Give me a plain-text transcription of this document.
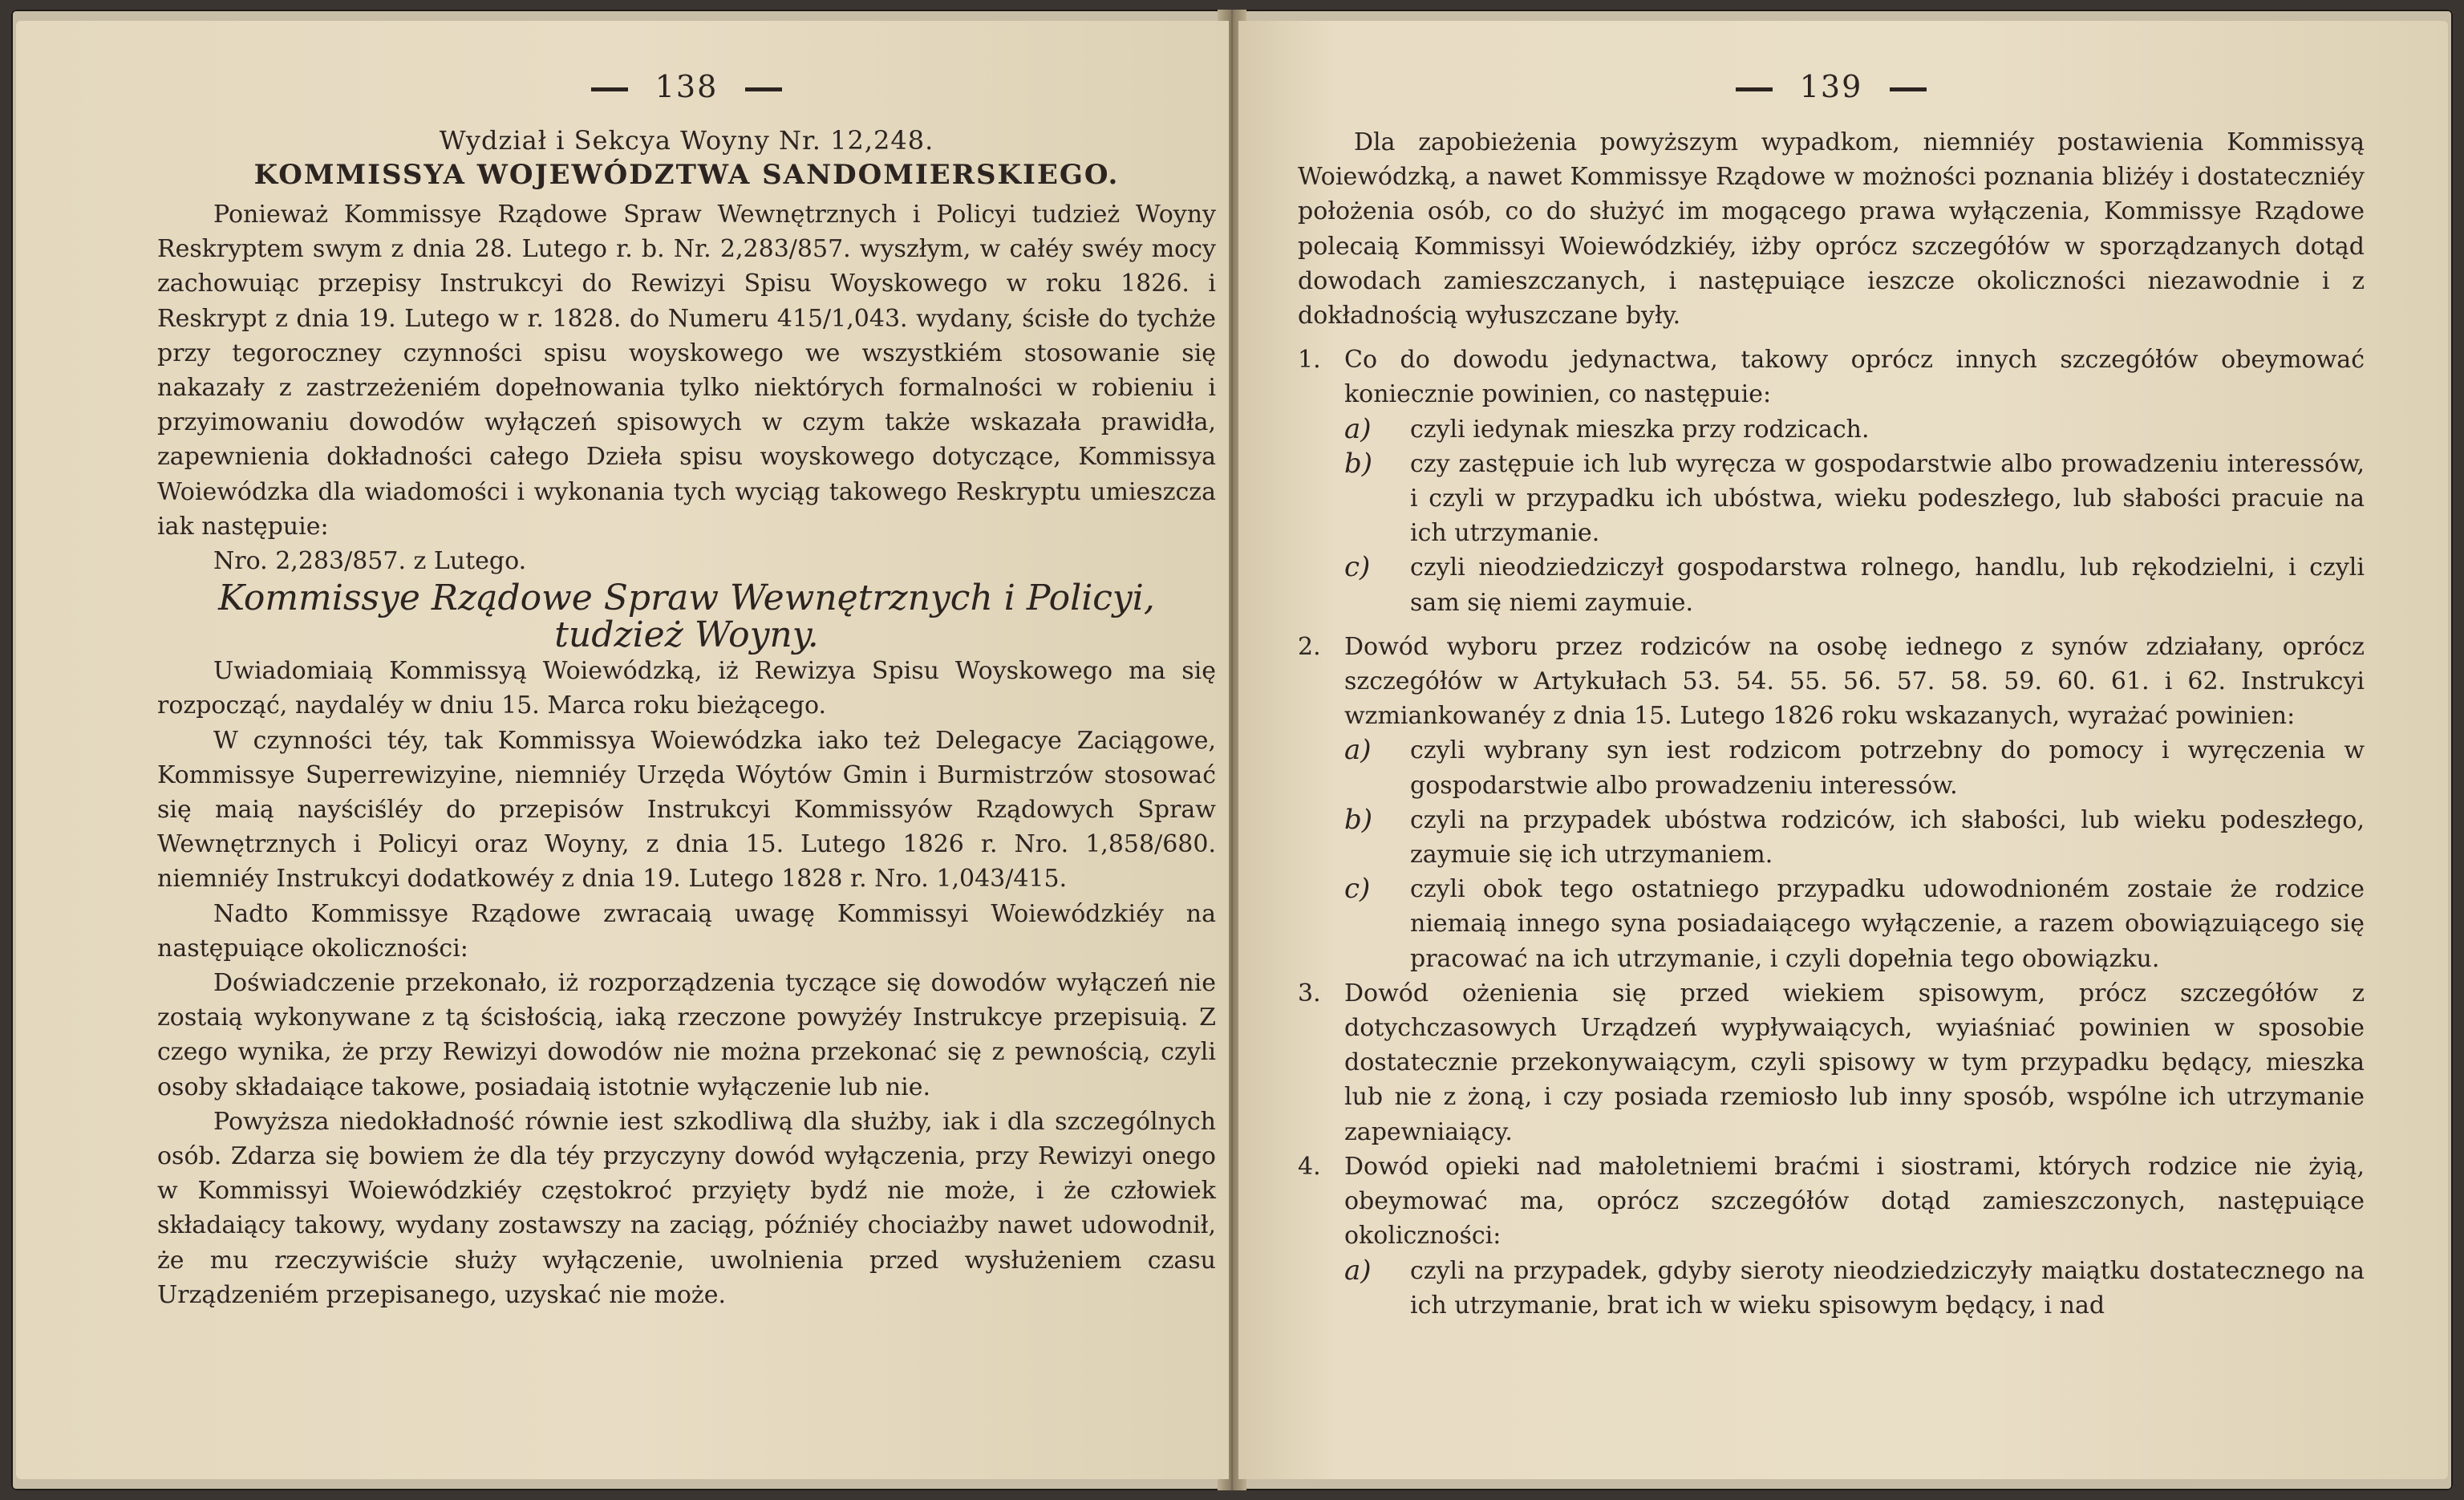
138
Wydział i Sekcya Woyny Nr. 12,248.
KOMMISSYA WOJEWÓDZTWA SANDOMIERSKIEGO.

Ponieważ Kommissye Rządowe Spraw Wewnętrznych i Policyi tudzież Woyny Reskryptem swym z dnia 28. Lutego r. b. Nr. 2,283/857. wyszłym, w całéy swéy mocy zachowuiąc przepisy Instrukcyi do Rewizyi Spisu Woyskowego w roku 1826. i Reskrypt z dnia 19. Lutego w r. 1828. do Numeru 415/1,043. wydany, ścisłe do tychże przy tegoroczney czynności spisu woyskowego we wszystkiém stosowanie się nakazały z zastrzeżeniém dopełnowania tylko niektórych formalności w robieniu i przyimowaniu dowodów wyłączeń spisowych w czym także wskazała prawidła, zapewnienia dokładności całego Dzieła spisu woyskowego dotyczące, Kommissya Woiewódzka dla wiadomości i wykonania tych wyciąg takowego Reskryptu umieszcza iak następuie:

Nro. 2,283/857. z Lutego.

Kommissye Rządowe Spraw Wewnętrznych i Policyi, tudzież Woyny.

Uwiadomiaią Kommissyą Woiewódzką, iż Rewizya Spisu Woyskowego ma się rozpocząć, naydaléy w dniu 15. Marca roku bieżącego.

W czynności téy, tak Kommissya Woiewódzka iako też Delegacye Zaciągowe, Kommissye Superrewizyine, niemniéy Urzęda Wóytów Gmin i Burmistrzów stosować się maią nayściśléy do przepisów Instrukcyi Kommissyów Rządowych Spraw Wewnętrznych i Policyi oraz Woyny, z dnia 15. Lutego 1826 r. Nro. 1,858/680. niemniéy Instrukcyi dodatkowéy z dnia 19. Lutego 1828 r. Nro. 1,043/415.

Nadto Kommissye Rządowe zwracaią uwagę Kommissyi Woiewódzkiéy na następuiące okoliczności:

Doświadczenie przekonało, iż rozporządzenia tyczące się dowodów wyłączeń nie zostaią wykonywane z tą ścisłością, iaką rzeczone powyżéy Instrukcye przepisuią. Z czego wynika, że przy Rewizyi dowodów nie można przekonać się z pewnością, czyli osoby składaiące takowe, posiadaią istotnie wyłączenie lub nie.

Powyższa niedokładność równie iest szkodliwą dla służby, iak i dla szczególnych osób. Zdarza się bowiem że dla téy przyczyny dowód wyłączenia, przy Rewizyi onego w Kommissyi Woiewódzkiéy częstokroć przyięty bydź nie może, i że człowiek składaiący takowy, wydany zostawszy na zaciąg, późniéy chociażby nawet udowodnił, że mu rzeczywiście służy wyłączenie, uwolnienia przed wysłużeniem czasu Urządzeniém przepisanego, uzyskać nie może.

139

Dla zapobieżenia powyższym wypadkom, niemniéy postawienia Kommissyą Woiewódzką, a nawet Kommissye Rządowe w możności poznania bliżéy i dostateczniéy położenia osób, co do służyć im mogącego prawa wyłączenia, Kommissye Rządowe polecaią Kommissyi Woiewódzkiéy, iżby oprócz szczegółów w sporządzanych dotąd dowodach zamieszczanych, i następuiące ieszcze okoliczności niezawodnie i z dokładnością wyłuszczane były.

1. Co do dowodu jedynactwa, takowy oprócz innych szczegółów obeymować koniecznie powinien, co następuie:
a)	czyli iedynak mieszka przy rodzicach.
b)	czy zastępuie ich lub wyręcza w gospodarstwie albo prowadzeniu interessów, i czyli w przypadku ich ubóstwa, wieku podeszłego, lub słabości pracuie na ich utrzymanie.
c)	czyli nieodziedziczył gospodarstwa rolnego, handlu, lub rękodzielni, i czyli sam się niemi zaymuie.
2. Dowód wyboru przez rodziców na osobę iednego z synów zdziałany, oprócz szczegółów w Artykułach 53. 54. 55. 56. 57. 58. 59. 60. 61. i 62. Instrukcyi wzmiankowanéy z dnia 15. Lutego 1826 roku wskazanych, wyrażać powinien:
a)	czyli wybrany syn iest rodzicom potrzebny do pomocy i wyręczenia w gospodarstwie albo prowadzeniu interessów.
b)	czyli na przypadek ubóstwa rodziców, ich słabości, lub wieku podeszłego, zaymuie się ich utrzymaniem.
c)	czyli obok tego ostatniego przypadku udowodnioném zostaie że rodzice niemaią innego syna posiadaiącego wyłączenie, a razem obowiązuiącego się pracować na ich utrzymanie, i czyli dopełnia tego obowiązku.
3. Dowód ożenienia się przed wiekiem spisowym, prócz szczegółów z dotychczasowych Urządzeń wypływaiących, wyiaśniać powinien w sposobie dostatecznie przekonywaiącym, czyli spisowy w tym przypadku będący, mieszka lub nie z żoną, i czy posiada rzemiosło lub inny sposób, wspólne ich utrzymanie zapewniaiący.
4. Dowód opieki nad małoletniemi braćmi i siostrami, których rodzice nie żyią, obeymować ma, oprócz szczegółów dotąd zamieszczonych, następuiące okoliczności:
a)	czyli na przypadek, gdyby sieroty nieodziedziczyły maiątku dostatecznego na ich utrzymanie, brat ich w wieku spisowym będący, i nad
